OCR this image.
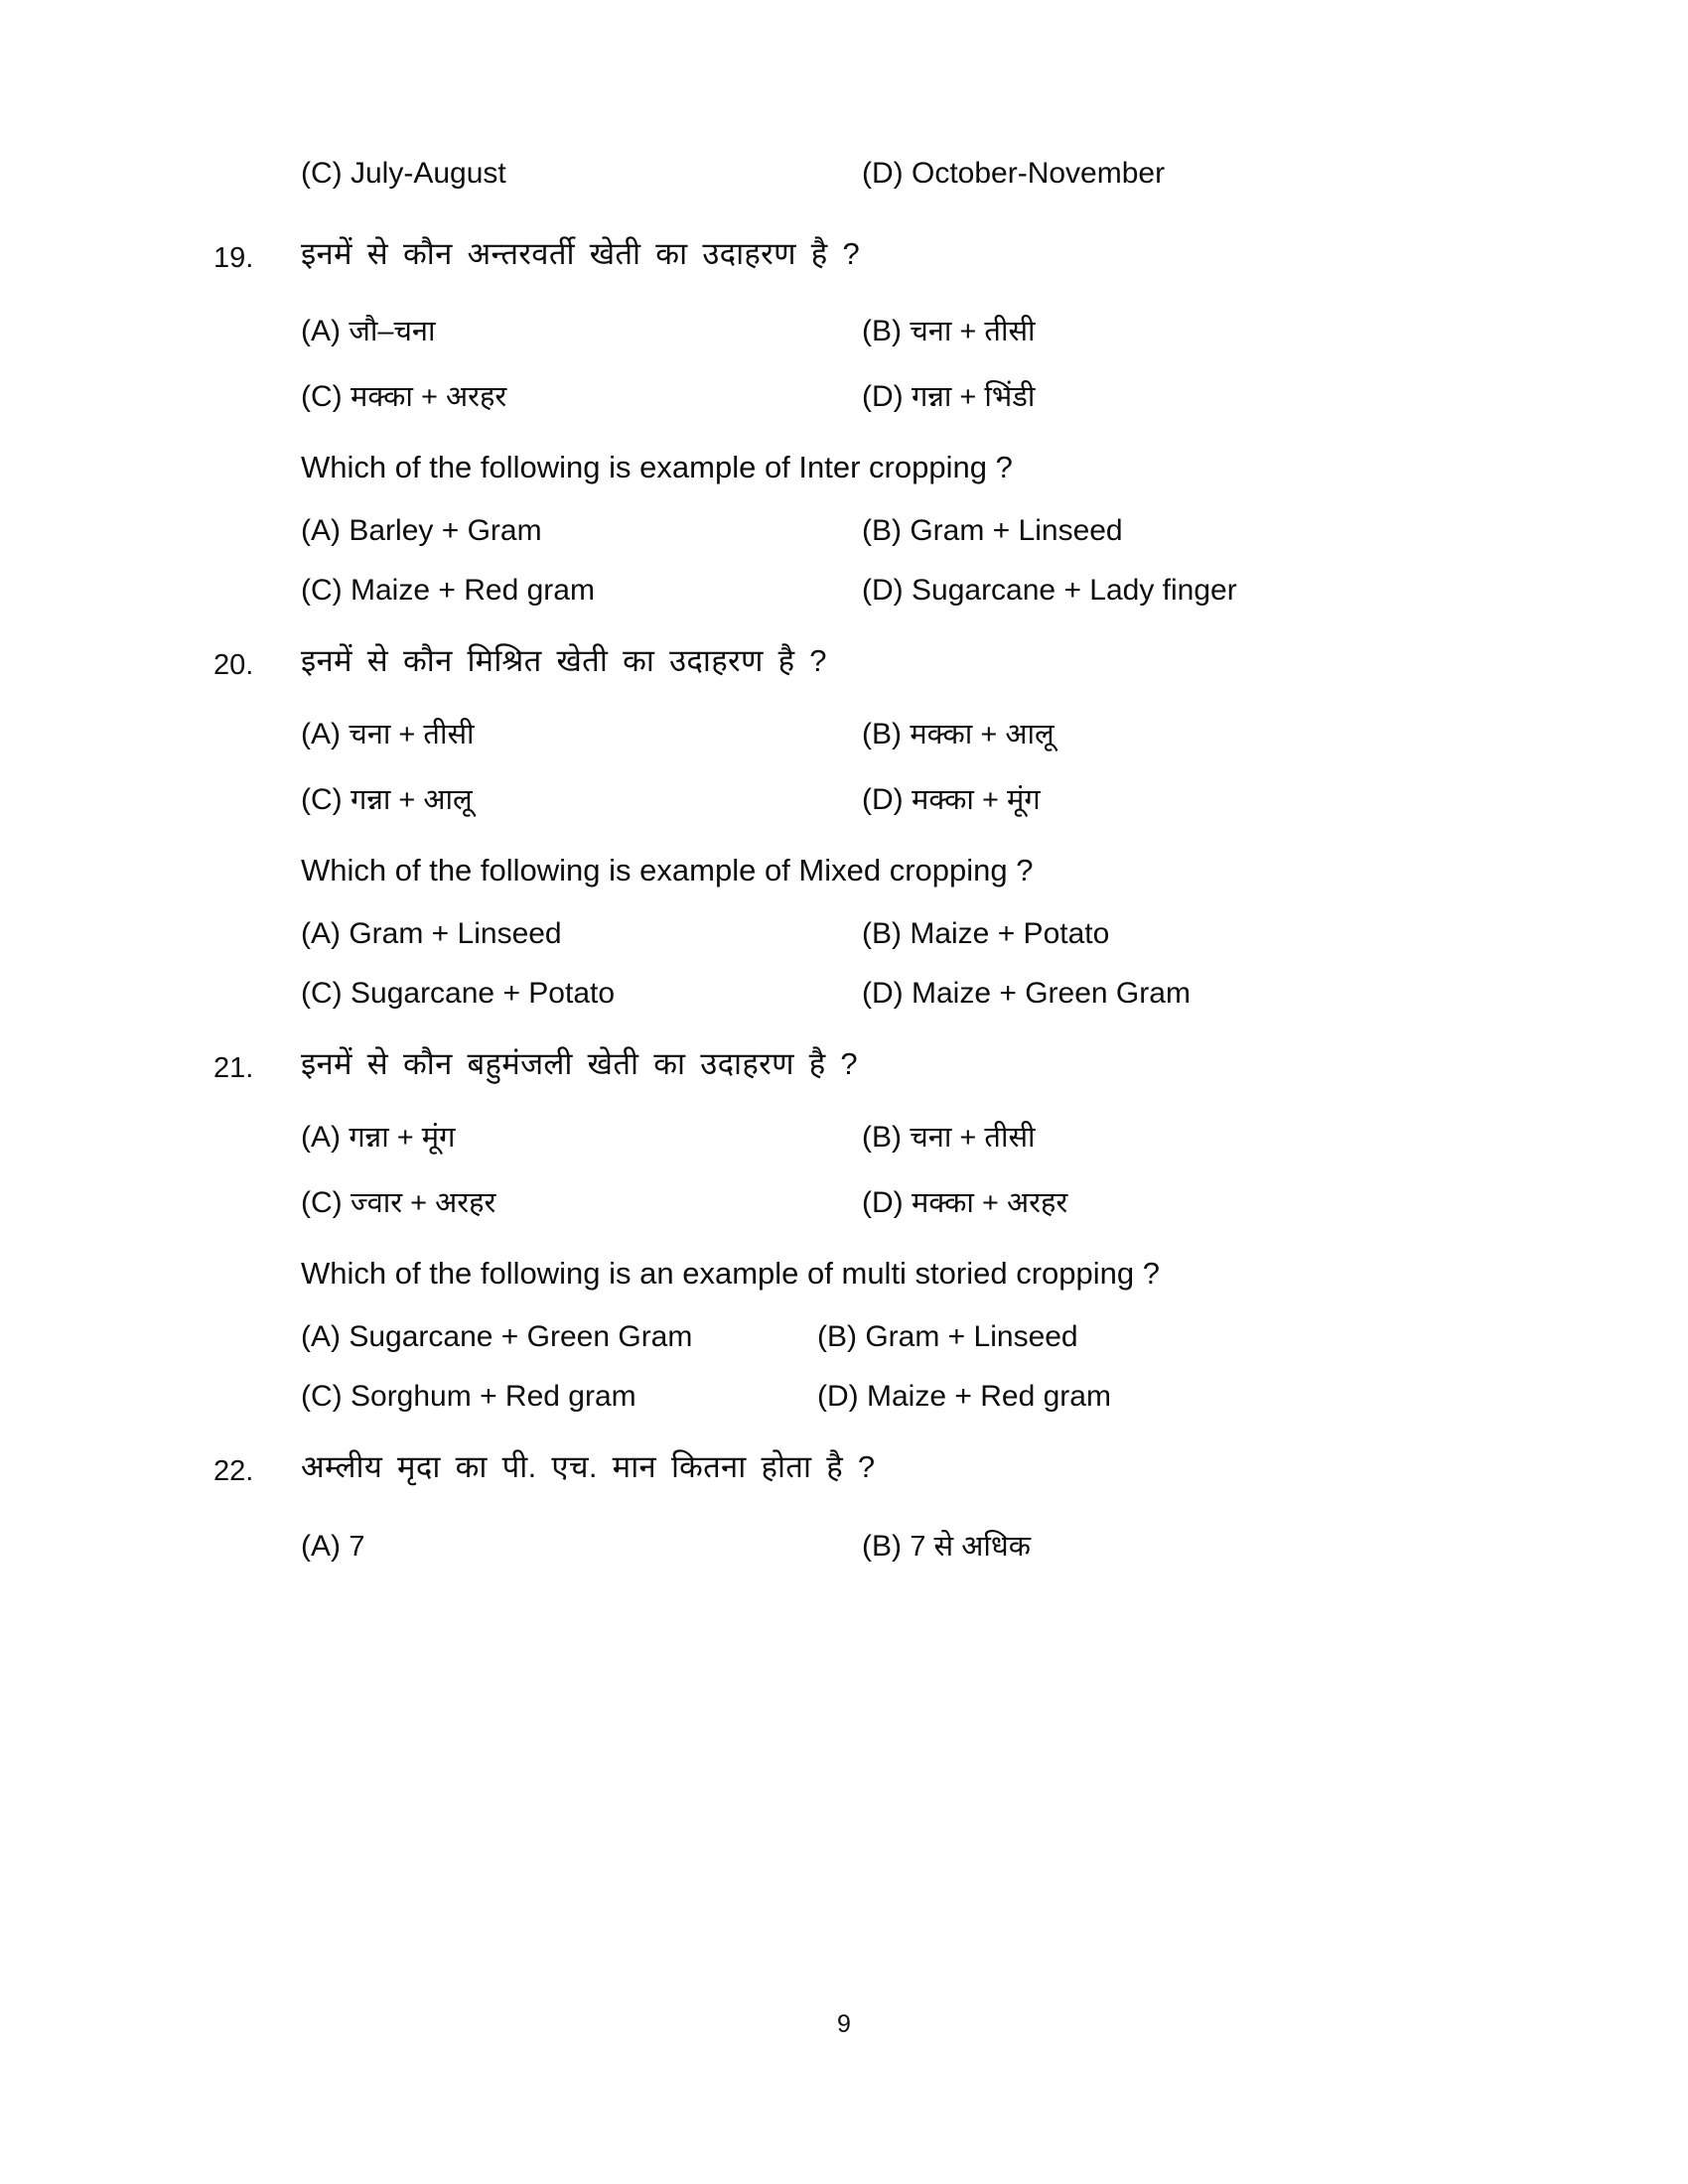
(C) July-August	(D) October-November
19.	इनमें से कौन अन्तरवर्ती खेती का उदाहरण है ?
(A) जौ–चना	(B) चना + तीसी
(C) मक्का + अरहर	(D) गन्ना + भिंडी
Which of the following is example of Inter cropping ?
(A) Barley + Gram	(B) Gram + Linseed
(C) Maize + Red gram	(D) Sugarcane + Lady finger
20.	इनमें से कौन मिश्रित खेती का उदाहरण है ?
(A) चना + तीसी	(B) मक्का + आलू
(C) गन्ना + आलू	(D) मक्का + मूंग
Which of the following is example of Mixed cropping ?
(A) Gram + Linseed	(B) Maize + Potato
(C) Sugarcane + Potato	(D) Maize + Green Gram
21.	इनमें से कौन बहुमंजली खेती का उदाहरण है ?
(A) गन्ना + मूंग	(B) चना + तीसी
(C) ज्वार + अरहर	(D) मक्का + अरहर
Which of the following is an example of multi storied cropping ?
(A) Sugarcane + Green Gram	(B) Gram + Linseed
(C) Sorghum + Red gram	(D) Maize + Red gram
22.	अम्लीय मृदा का पी. एच. मान कितना होता है ?
(A) 7	(B) 7 से अधिक
9
